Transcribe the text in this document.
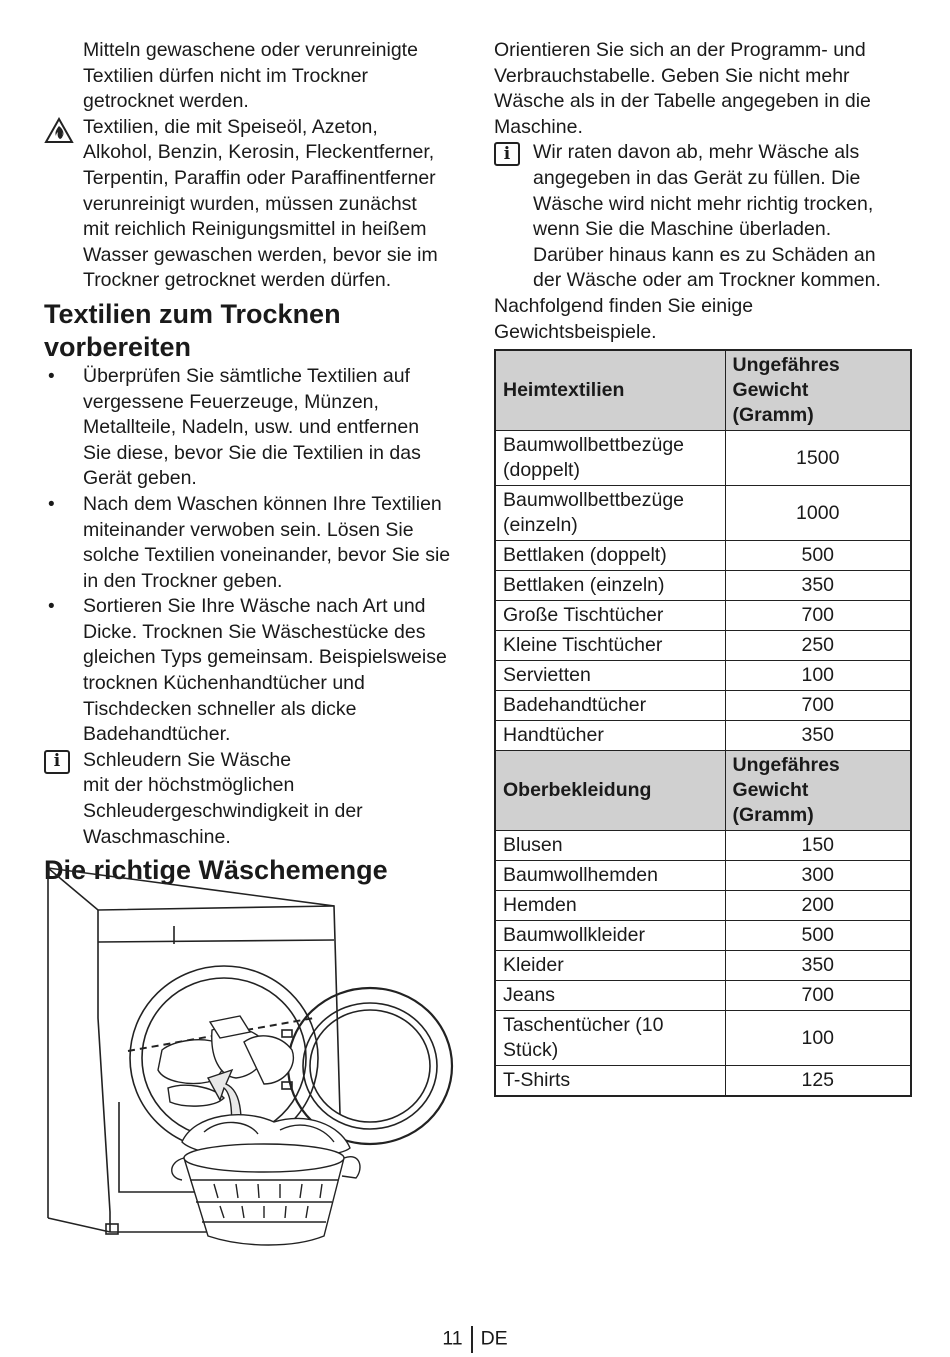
Mitteln gewaschene oder verunreinigte
Textilien dürfen nicht im Trockner
getrocknet werden.
Textilien, die mit Speiseöl, Azeton,
Alkohol, Benzin, Kerosin, Fleckentferner,
Terpentin, Paraffin oder Paraffinentferner
verunreinigt wurden, müssen zunächst
mit reichlich Reinigungsmittel in heißem
Wasser gewaschen werden, bevor sie im
Trockner getrocknet werden dürfen.
Textilien zum Trocknen
vorbereiten
• Überprüfen Sie sämtliche Textilien auf
vergessene Feuerzeuge, Münzen,
Metallteile, Nadeln, usw. und entfernen
Sie diese, bevor Sie die Textilien in das
Gerät geben.
• Nach dem Waschen können Ihre Textilien
miteinander verwoben sein. Lösen Sie
solche Textilien voneinander, bevor Sie sie
in den Trockner geben.
• Sortieren Sie Ihre Wäsche nach Art und
Dicke. Trocknen Sie Wäschestücke des
gleichen Typs gemeinsam. Beispielsweise
trocknen Küchenhandtücher und
Tischdecken schneller als dicke
Badehandtücher.
i	Schleudern Sie Wäsche
mit der höchstmöglichen
Schleudergeschwindigkeit in der
Waschmaschine.
Die richtige Wäschemenge
Orientieren Sie sich an der Programm- und
Verbrauchstabelle. Geben Sie nicht mehr
Wäsche als in der Tabelle angegeben in die
Maschine.
i	Wir raten davon ab, mehr Wäsche als
angegeben in das Gerät zu füllen. Die
Wäsche wird nicht mehr richtig trocken,
wenn Sie die Maschine überladen.
Darüber hinaus kann es zu Schäden an
der Wäsche oder am Trockner kommen.
Nachfolgend finden Sie einige
Gewichtsbeispiele.
Heimtextilien	Ungefähres
Gewicht
(Gramm)

Baumwollbettbezüge
(doppelt)	1500

Baumwollbettbezüge
(einzeln)	1000

Bettlaken (doppelt)	500

Bettlaken (einzeln)	350

Große Tischtücher	700

Kleine Tischtücher	250

Servietten	100

Badehandtücher	700

Handtücher	350
Oberbekleidung	Ungefähres
Gewicht
(Gramm)

Blusen	150

Baumwollhemden	300

Hemden	200

Baumwollkleider	500

Kleider	350

Jeans	700

Taschentücher (10
Stück)	100

T-Shirts	125
11 DE
